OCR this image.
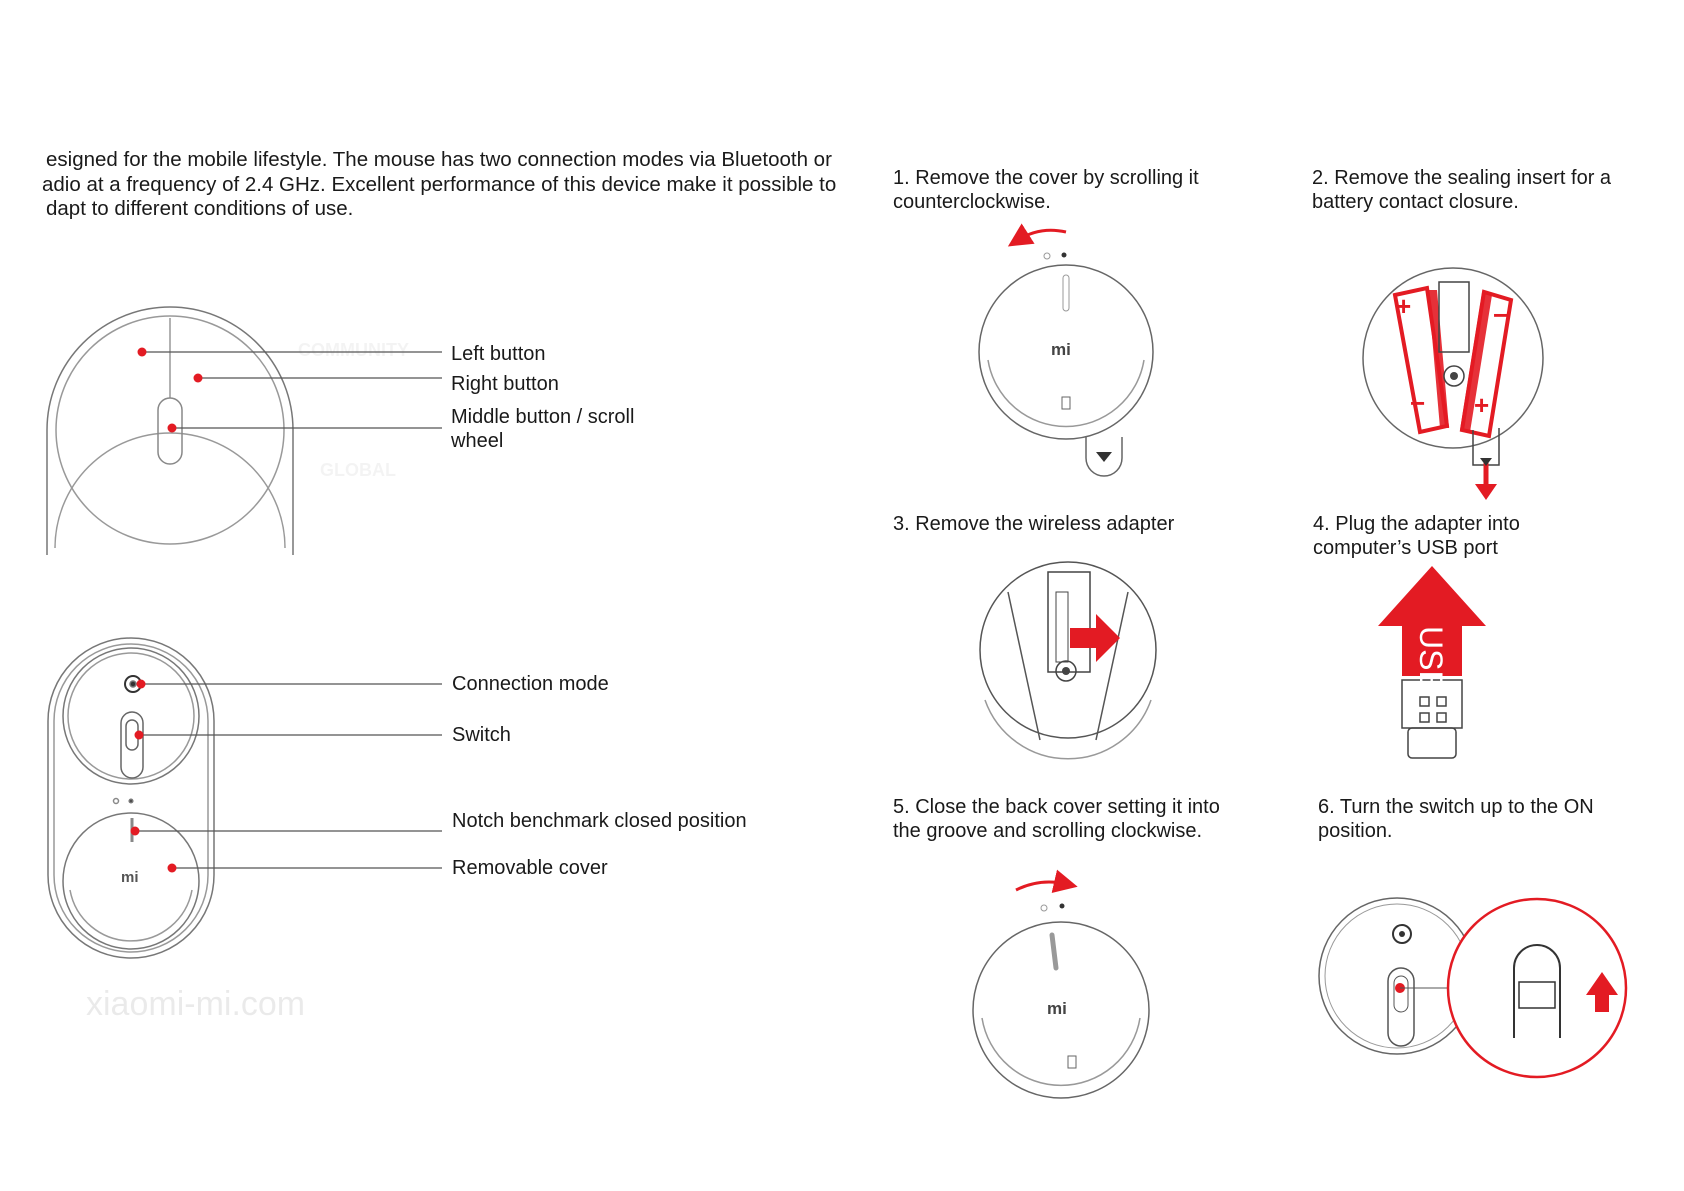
xiaomi-mi.com
esigned for the mobile lifestyle. The mouse has two connection modes via Bluetooth or
adio at a frequency of 2.4 GHz. Excellent performance of this device make it possible to
dapt to different conditions of use.
mi
mi
+	−
− +
USB
mi
Left button
Right button
Middle button / scroll
wheel
Connection mode
Switch
Notch benchmark closed position
Removable cover
1. Remove the cover by scrolling it
counterclockwise.
2. Remove the sealing insert for a
battery contact closure.
3. Remove the wireless adapter	4. Plug the adapter into
computer’s USB port
5. Close the back cover setting it into
the groove and scrolling clockwise.
6. Turn the switch up to the ON
position.
